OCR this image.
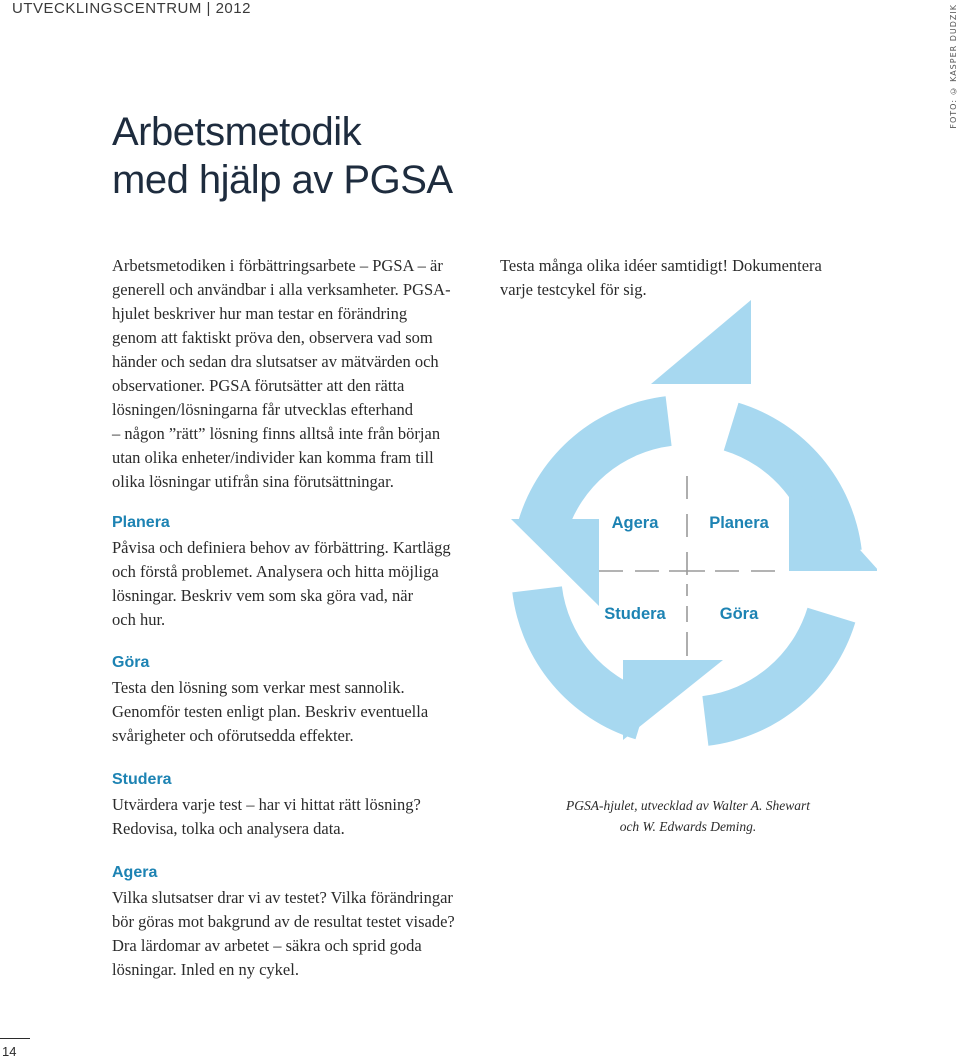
UTVECKLINGSCENTRUM | 2012	FOTO: © KASPER DUDZIK
Arbetsmetodik
med hjälp av PGSA

Arbetsmetodiken i förbättringsarbete – PGSA – är
generell och användbar i alla verksamheter. PGSA-
hjulet beskriver hur man testar en förändring
genom att faktiskt pröva den, observera vad som
händer och sedan dra slutsatser av mätvärden och
observationer. PGSA förutsätter att den rätta
lösningen/lösningarna får utvecklas efterhand
– någon ”rätt” lösning finns alltså inte från början
utan olika enheter/individer kan komma fram till
olika lösningar utifrån sina förutsättningar.

Planera

Påvisa och definiera behov av förbättring. Kartlägg
och förstå problemet. Analysera och hitta möjliga
lösningar. Beskriv vem som ska göra vad, när
och hur.

Göra

Testa den lösning som verkar mest sannolik.
Genomför testen enligt plan. Beskriv eventuella
svårigheter och oförutsedda effekter.

Studera

Utvärdera varje test – har vi hittat rätt lösning?
Redovisa, tolka och analysera data.

Agera

Vilka slutsatser drar vi av testet? Vilka förändringar
bör göras mot bakgrund av de resultat testet visade?
Dra lärdomar av arbetet – säkra och sprid goda
lösningar. Inled en ny cykel.

Testa många olika idéer samtidigt! Dokumentera
varje testcykel för sig.

Agera	Planera
Studera	Göra

PGSA-hjulet, utvecklad av Walter A. Shewart
och W. Edwards Deming.

14
